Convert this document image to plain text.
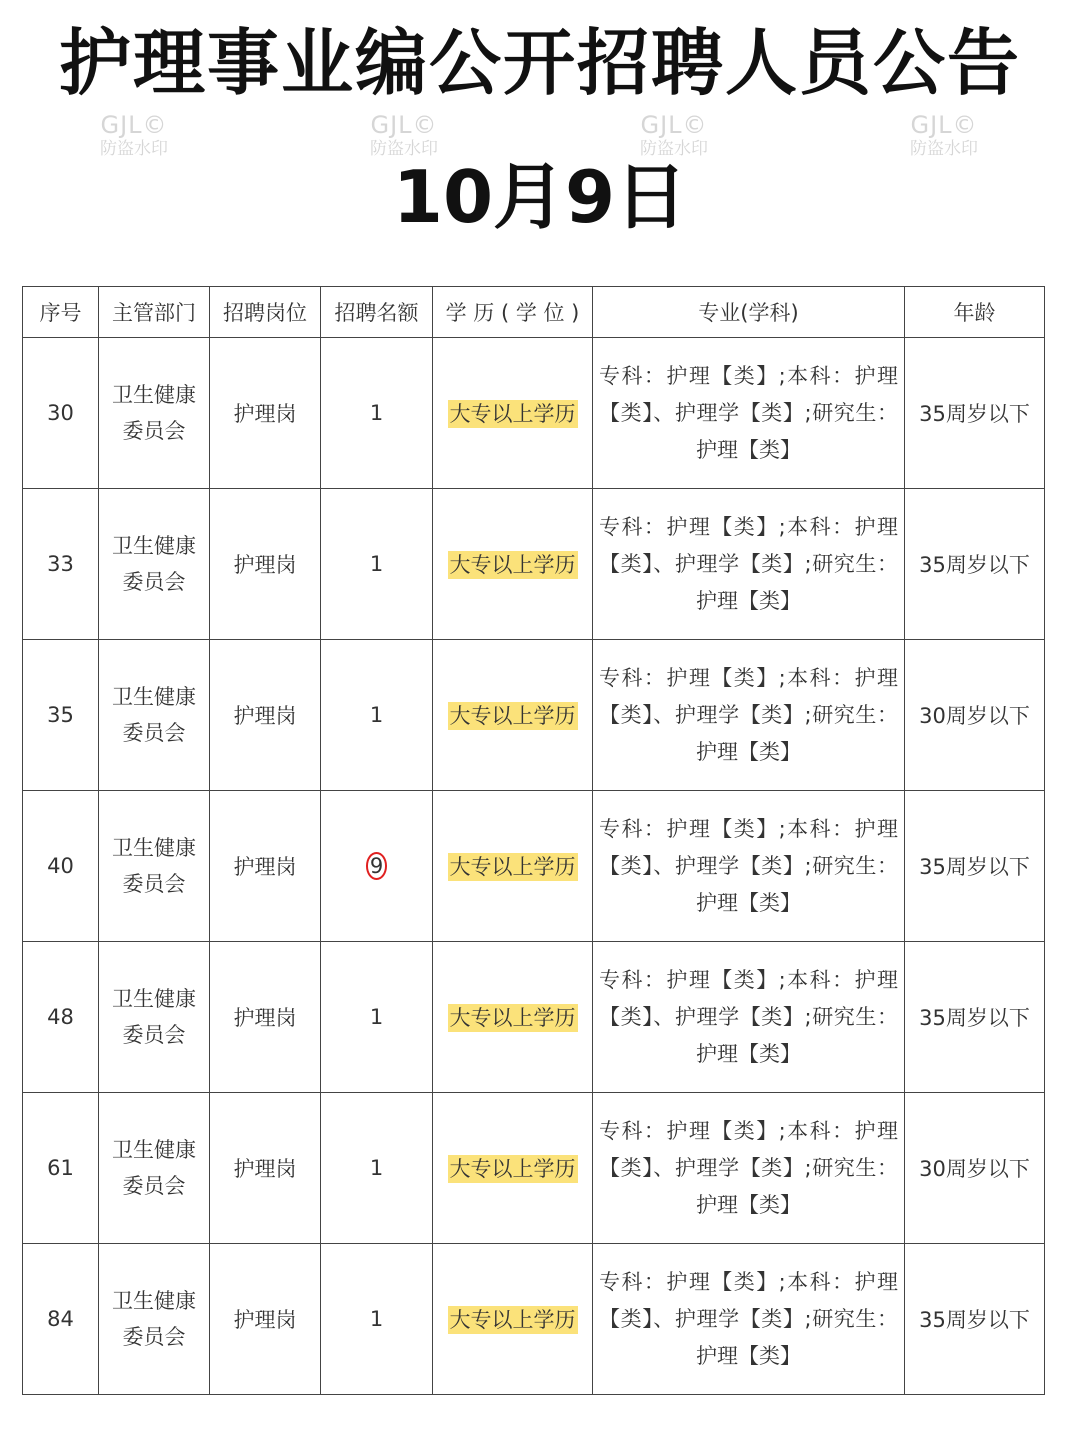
护理事业编公开招聘人员公告
GJL©
防盗水印
GJL©
防盗水印
GJL©
防盗水印
GJL©
防盗水印
10月9日
序号	主管部门	招聘岗位	招聘名额	学 历 ( 学 位 )	专业(学科)	年龄
30	卫生健康委员会	护理岗	1	大专以上学历	专科：护理【类】;本科：护理【类】、护理学【类】;研究生：护理【类】	35周岁以下
33	卫生健康委员会	护理岗	1	大专以上学历	专科：护理【类】;本科：护理【类】、护理学【类】;研究生：护理【类】	35周岁以下
35	卫生健康委员会	护理岗	1	大专以上学历	专科：护理【类】;本科：护理【类】、护理学【类】;研究生：护理【类】	30周岁以下
40	卫生健康委员会	护理岗	9	大专以上学历	专科：护理【类】;本科：护理【类】、护理学【类】;研究生：护理【类】	35周岁以下
48	卫生健康委员会	护理岗	1	大专以上学历	专科：护理【类】;本科：护理【类】、护理学【类】;研究生：护理【类】	35周岁以下
61	卫生健康委员会	护理岗	1	大专以上学历	专科：护理【类】;本科：护理【类】、护理学【类】;研究生：护理【类】	30周岁以下
84	卫生健康委员会	护理岗	1	大专以上学历	专科：护理【类】;本科：护理【类】、护理学【类】;研究生：护理【类】	35周岁以下
